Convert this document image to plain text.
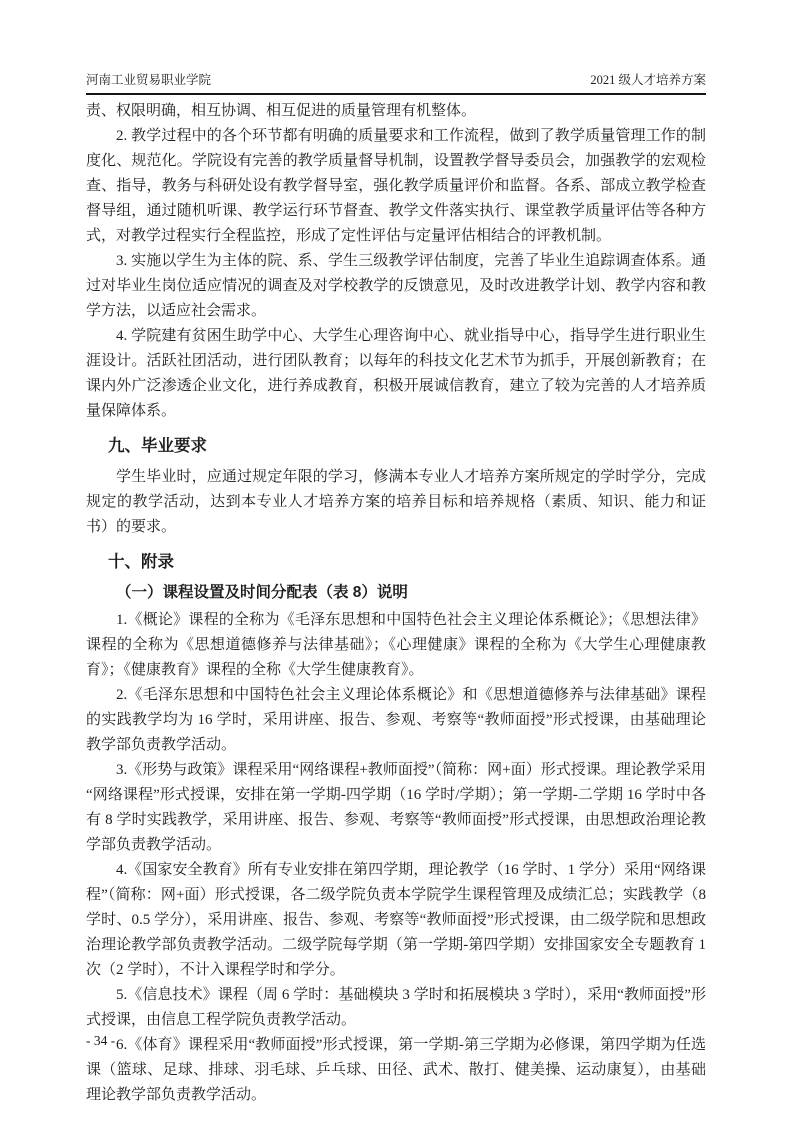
河南工业贸易职业学院	2021 级人才培养方案

责、权限明确，相互协调、相互促进的质量管理有机整体。

2. 教学过程中的各个环节都有明确的质量要求和工作流程，做到了教学质量管理工作的制度化、规范化。学院设有完善的教学质量督导机制，设置教学督导委员会，加强教学的宏观检查、指导，教务与科研处设有教学督导室，强化教学质量评价和监督。各系、部成立教学检查督导组，通过随机听课、教学运行环节督查、教学文件落实执行、课堂教学质量评估等各种方式，对教学过程实行全程监控，形成了定性评估与定量评估相结合的评教机制。

3. 实施以学生为主体的院、系、学生三级教学评估制度，完善了毕业生追踪调查体系。通过对毕业生岗位适应情况的调查及对学校教学的反馈意见，及时改进教学计划、教学内容和教学方法，以适应社会需求。

4. 学院建有贫困生助学中心、大学生心理咨询中心、就业指导中心，指导学生进行职业生涯设计。活跃社团活动，进行团队教育；以每年的科技文化艺术节为抓手，开展创新教育；在课内外广泛渗透企业文化，进行养成教育，积极开展诚信教育，建立了较为完善的人才培养质量保障体系。

九、毕业要求

学生毕业时，应通过规定年限的学习，修满本专业人才培养方案所规定的学时学分，完成规定的教学活动，达到本专业人才培养方案的培养目标和培养规格（素质、知识、能力和证书）的要求。

十、附录
（一）课程设置及时间分配表（表 8）说明

1.《概论》课程的全称为《毛泽东思想和中国特色社会主义理论体系概论》；《思想法律》课程的全称为《思想道德修养与法律基础》；《心理健康》课程的全称为《大学生心理健康教育》；《健康教育》课程的全称《大学生健康教育》。

2.《毛泽东思想和中国特色社会主义理论体系概论》和《思想道德修养与法律基础》课程的实践教学均为 16 学时，采用讲座、报告、参观、考察等“教师面授”形式授课，由基础理论教学部负责教学活动。

3.《形势与政策》课程采用“网络课程+教师面授”（简称：网+面）形式授课。理论教学采用“网络课程”形式授课，安排在第一学期-四学期（16 学时/学期）；第一学期-二学期 16 学时中各有 8 学时实践教学，采用讲座、报告、参观、考察等“教师面授”形式授课，由思想政治理论教学部负责教学活动。

4.《国家安全教育》所有专业安排在第四学期，理论教学（16 学时、1 学分）采用“网络课程”（简称：网+面）形式授课，各二级学院负责本学院学生课程管理及成绩汇总；实践教学（8 学时、0.5 学分），采用讲座、报告、参观、考察等“教师面授”形式授课，由二级学院和思想政治理论教学部负责教学活动。二级学院每学期（第一学期-第四学期）安排国家安全专题教育 1 次（2 学时），不计入课程学时和学分。

5.《信息技术》课程（周 6 学时：基础模块 3 学时和拓展模块 3 学时），采用“教师面授”形式授课，由信息工程学院负责教学活动。

6.《体育》课程采用“教师面授”形式授课，第一学期-第三学期为必修课，第四学期为任选课（篮球、足球、排球、羽毛球、乒乓球、田径、武术、散打、健美操、运动康复），由基础理论教学部负责教学活动。

- 34 -
